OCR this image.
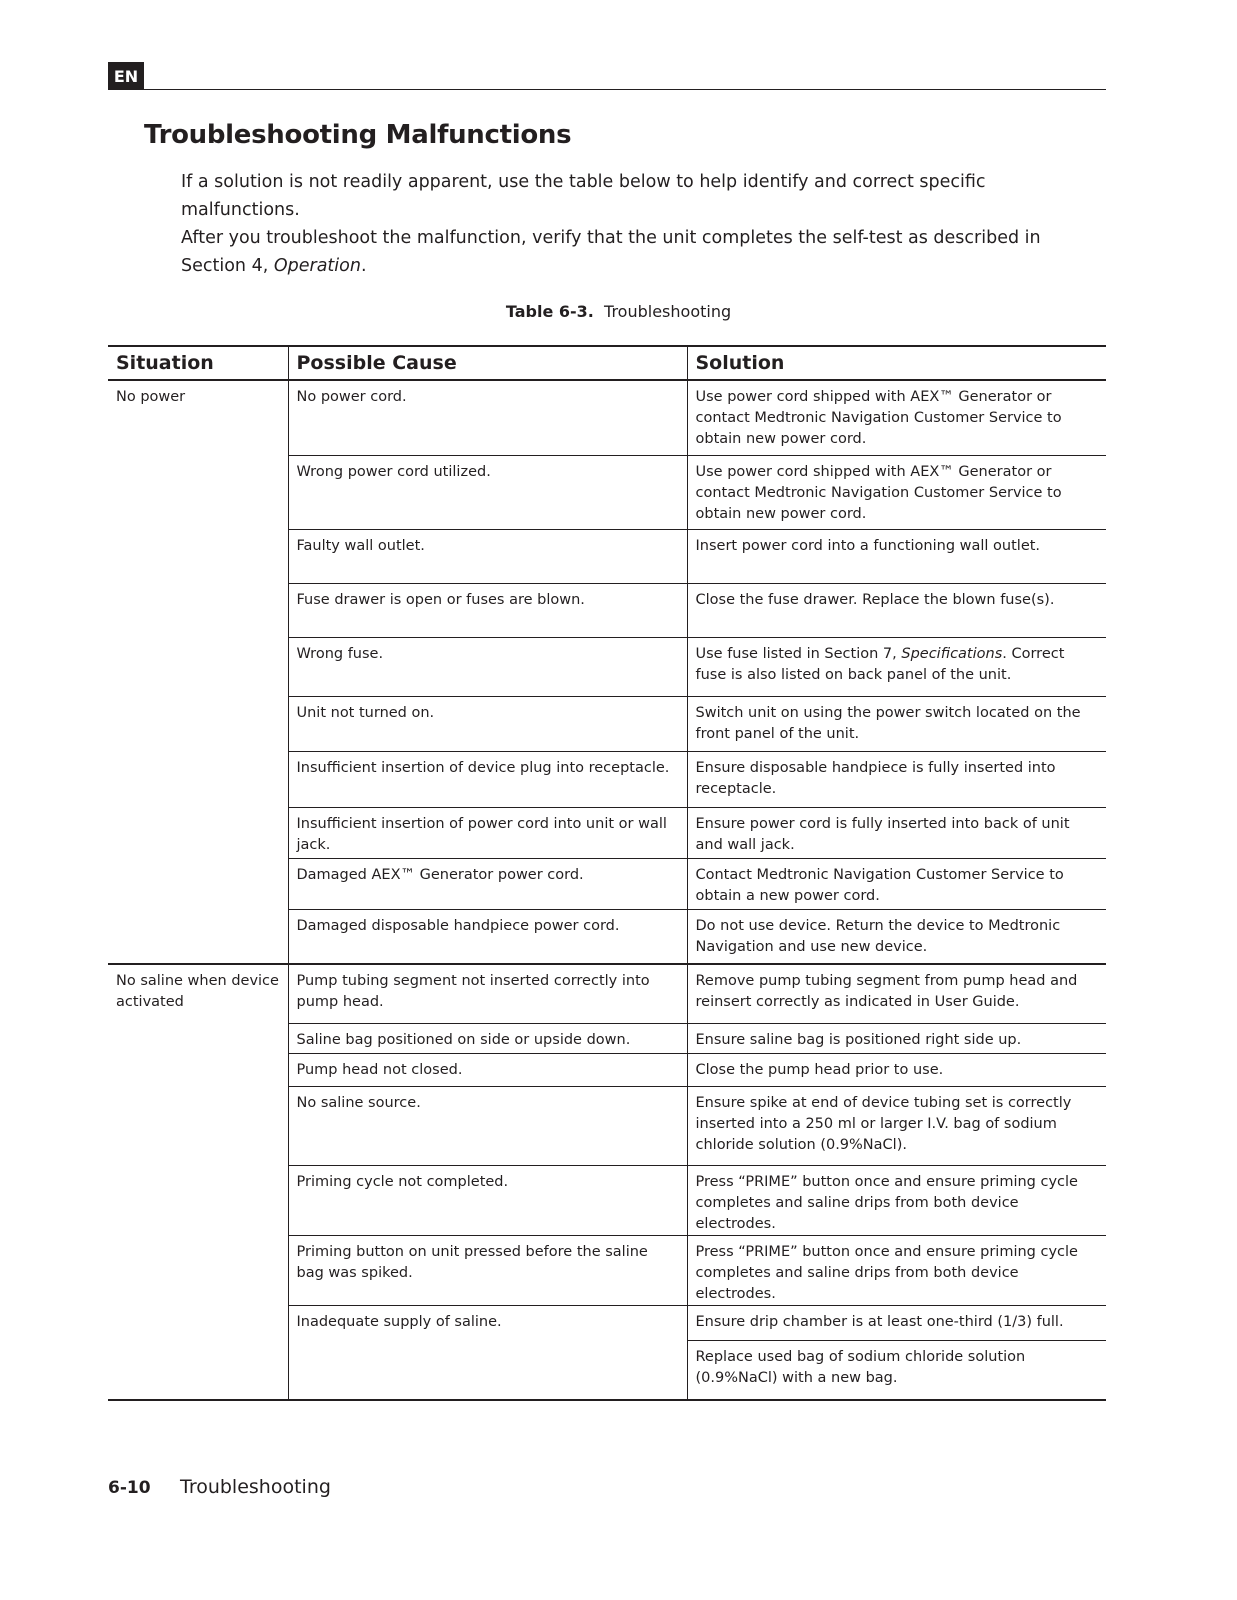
EN
Troubleshooting Malfunctions

If a solution is not readily apparent, use the table below to help identify and correct specific malfunctions.

After you troubleshoot the malfunction, verify that the unit completes the self-test as described in

Section 4, Operation.

Table 6-3. Troubleshooting
Situation	Possible Cause	Solution
No power	No power cord.	Use power cord shipped with AEX™ Generator or contact Medtronic Navigation Customer Service to obtain new power cord.
	Wrong power cord utilized.	Use power cord shipped with AEX™ Generator or contact Medtronic Navigation Customer Service to obtain new power cord.
	Faulty wall outlet.	Insert power cord into a functioning wall outlet.
	Fuse drawer is open or fuses are blown.	Close the fuse drawer. Replace the blown fuse(s).
	Wrong fuse.	Use fuse listed in Section 7, Specifications. Correct fuse is also listed on back panel of the unit.
	Unit not turned on.	Switch unit on using the power switch located on the front panel of the unit.
	Insufficient insertion of device plug into receptacle.	Ensure disposable handpiece is fully inserted into receptacle.
	Insufficient insertion of power cord into unit or wall jack.	Ensure power cord is fully inserted into back of unit and wall jack.
	Damaged AEX™ Generator power cord.	Contact Medtronic Navigation Customer Service to obtain a new power cord.
	Damaged disposable handpiece power cord.	Do not use device. Return the device to Medtronic Navigation and use new device.
No saline when device activated	Pump tubing segment not inserted correctly into pump head.	Remove pump tubing segment from pump head and reinsert correctly as indicated in User Guide.
	Saline bag positioned on side or upside down.	Ensure saline bag is positioned right side up.
	Pump head not closed.	Close the pump head prior to use.
	No saline source.	Ensure spike at end of device tubing set is correctly inserted into a 250 ml or larger I.V. bag of sodium chloride solution (0.9%NaCl).
	Priming cycle not completed.	Press “PRIME” button once and ensure priming cycle completes and saline drips from both device electrodes.
	Priming button on unit pressed before the saline bag was spiked.	Press “PRIME” button once and ensure priming cycle completes and saline drips from both device electrodes.
	Inadequate supply of saline.	Ensure drip chamber is at least one-third (1/3) full.
		Replace used bag of sodium chloride solution (0.9%NaCl) with a new bag.
6-10 Troubleshooting
